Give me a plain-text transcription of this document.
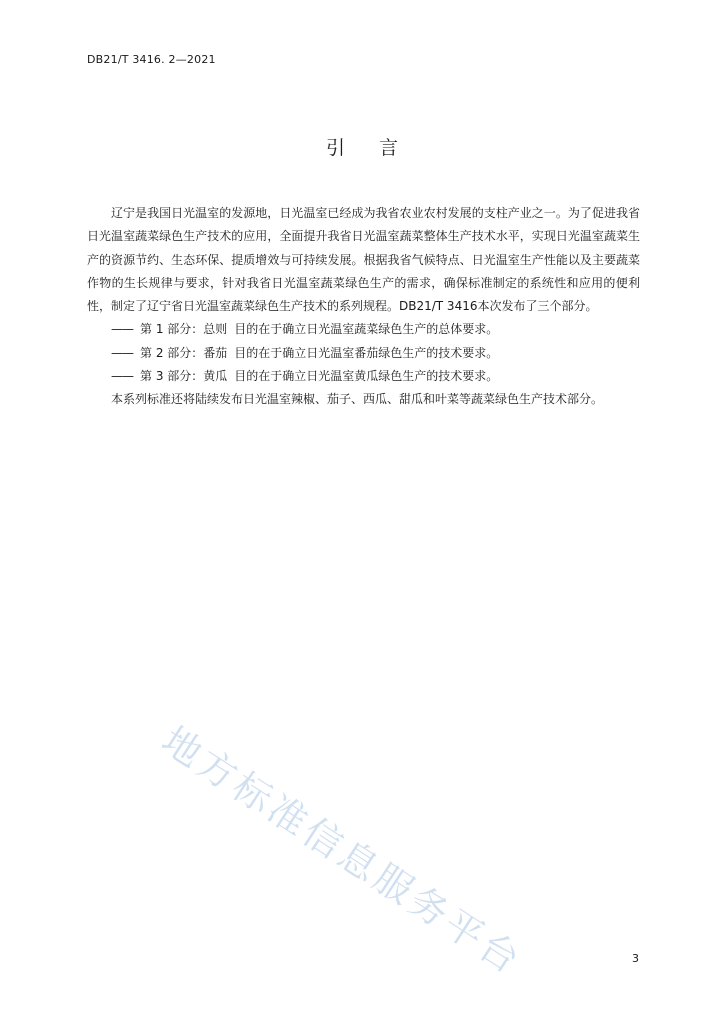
DB21/T 3416. 2—2021
引言

辽宁是我国日光温室的发源地，日光温室已经成为我省农业农村发展的支柱产业之一。为了促进我省日光温室蔬菜绿色生产技术的应用，全面提升我省日光温室蔬菜整体生产技术水平，实现日光温室蔬菜生产的资源节约、生态环保、提质增效与可持续发展。根据我省气候特点、日光温室生产性能以及主要蔬菜作物的生长规律与要求，针对我省日光温室蔬菜绿色生产的需求，确保标准制定的系统性和应用的便利性，制定了辽宁省日光温室蔬菜绿色生产技术的系列规程。DB21/T 3416本次发布了三个部分。

—— 第 1 部分：总则 目的在于确立日光温室蔬菜绿色生产的总体要求。

—— 第 2 部分：番茄 目的在于确立日光温室番茄绿色生产的技术要求。

—— 第 3 部分：黄瓜 目的在于确立日光温室黄瓜绿色生产的技术要求。

本系列标准还将陆续发布日光温室辣椒、茄子、西瓜、甜瓜和叶菜等蔬菜绿色生产技术部分。

地方标准信息服务平台	3
